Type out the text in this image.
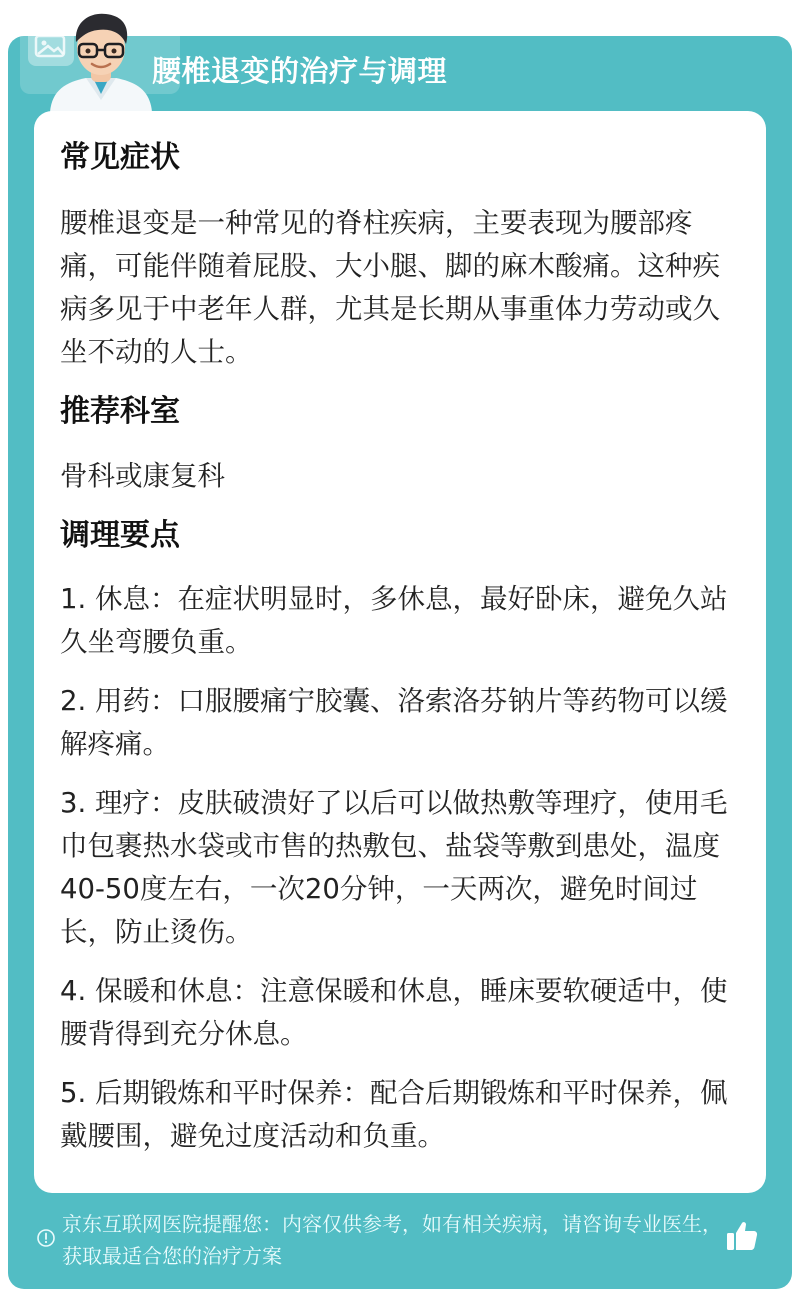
腰椎退变的治疗与调理
常见症状
腰椎退变是一种常见的脊柱疾病，主要表现为腰部疼痛，可能伴随着屁股、大小腿、脚的麻木酸痛。这种疾病多见于中老年人群，尤其是长期从事重体力劳动或久坐不动的人士。
推荐科室
骨科或康复科
调理要点
1. 休息：在症状明显时，多休息，最好卧床，避免久站久坐弯腰负重。
2. 用药：口服腰痛宁胶囊、洛索洛芬钠片等药物可以缓解疼痛。
3. 理疗：皮肤破溃好了以后可以做热敷等理疗，使用毛巾包裹热水袋或市售的热敷包、盐袋等敷到患处，温度40-50度左右，一次20分钟，一天两次，避免时间过长，防止烫伤。
4. 保暖和休息：注意保暖和休息，睡床要软硬适中，使腰背得到充分休息。
5. 后期锻炼和平时保养：配合后期锻炼和平时保养，佩戴腰围，避免过度活动和负重。
京东互联网医院提醒您：内容仅供参考，如有相关疾病，请咨询专业医生，获取最适合您的治疗方案
